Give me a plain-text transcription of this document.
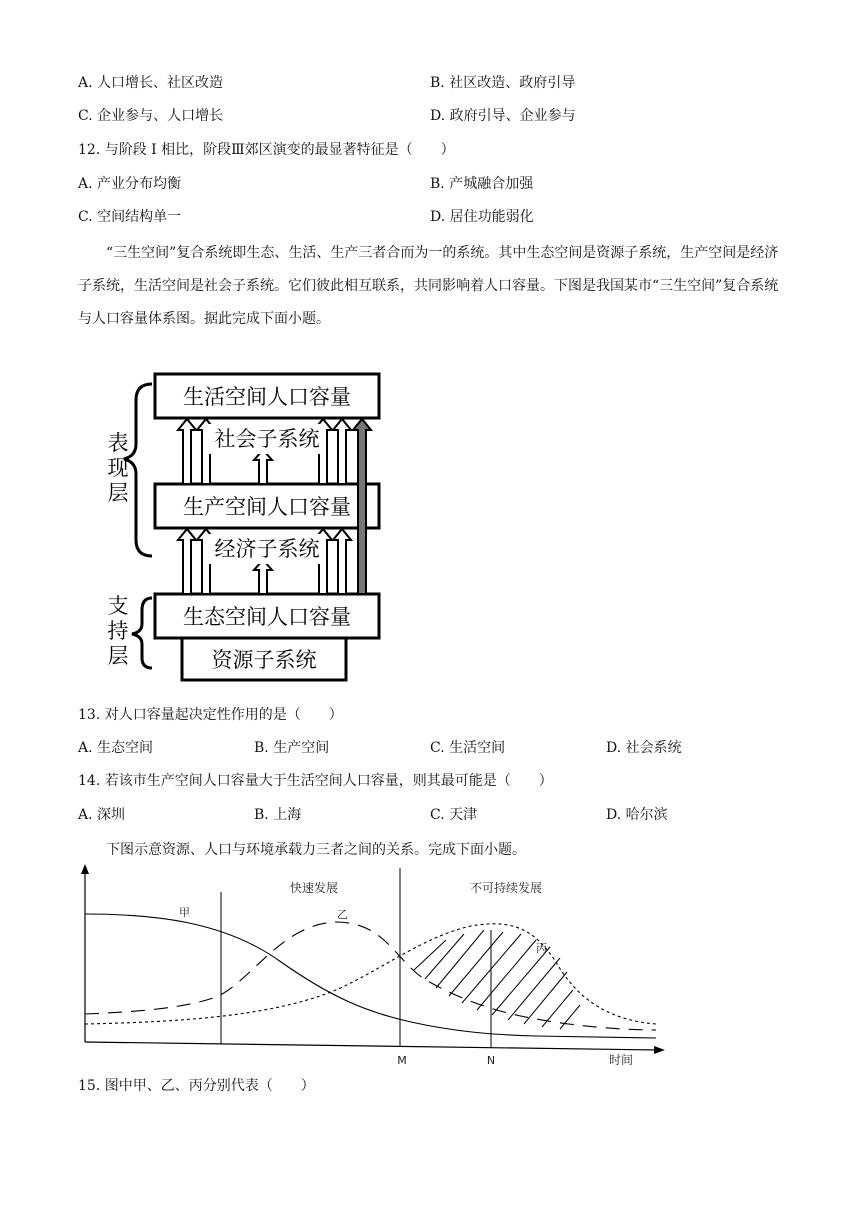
A. 人口增长、社区改造	B. 社区改造、政府引导
C. 企业参与、人口增长	D. 政府引导、企业参与
12. 与阶段 I 相比，阶段Ⅲ郊区演变的最显著特征是（　　）
A. 产业分布均衡	B. 产城融合加强
C. 空间结构单一	D. 居住功能弱化
“三生空间”复合系统即生态、生活、生产三者合而为一的系统。其中生态空间是资源子系统，生产空间是经济子系统，生活空间是社会子系统。它们彼此相互联系，共同影响着人口容量。下图是我国某市“三生空间”复合系统与人口容量体系图。据此完成下面小题。
表
现
层
支
持
层
生活空间人口容量
生产空间人口容量
生态空间人口容量
资源子系统
社会子系统
经济子系统
13. 对人口容量起决定性作用的是（　　）
A. 生态空间	B. 生产空间	C. 生活空间	D. 社会系统
14. 若该市生产空间人口容量大于生活空间人口容量，则其最可能是（　　）
A. 深圳	B. 上海	C. 天津	D. 哈尔滨
下图示意资源、人口与环境承载力三者之间的关系。完成下面小题。
快速发展	不可持续发展
甲	乙
丙
M	N	时间
15. 图中甲、乙、丙分别代表（　　）
